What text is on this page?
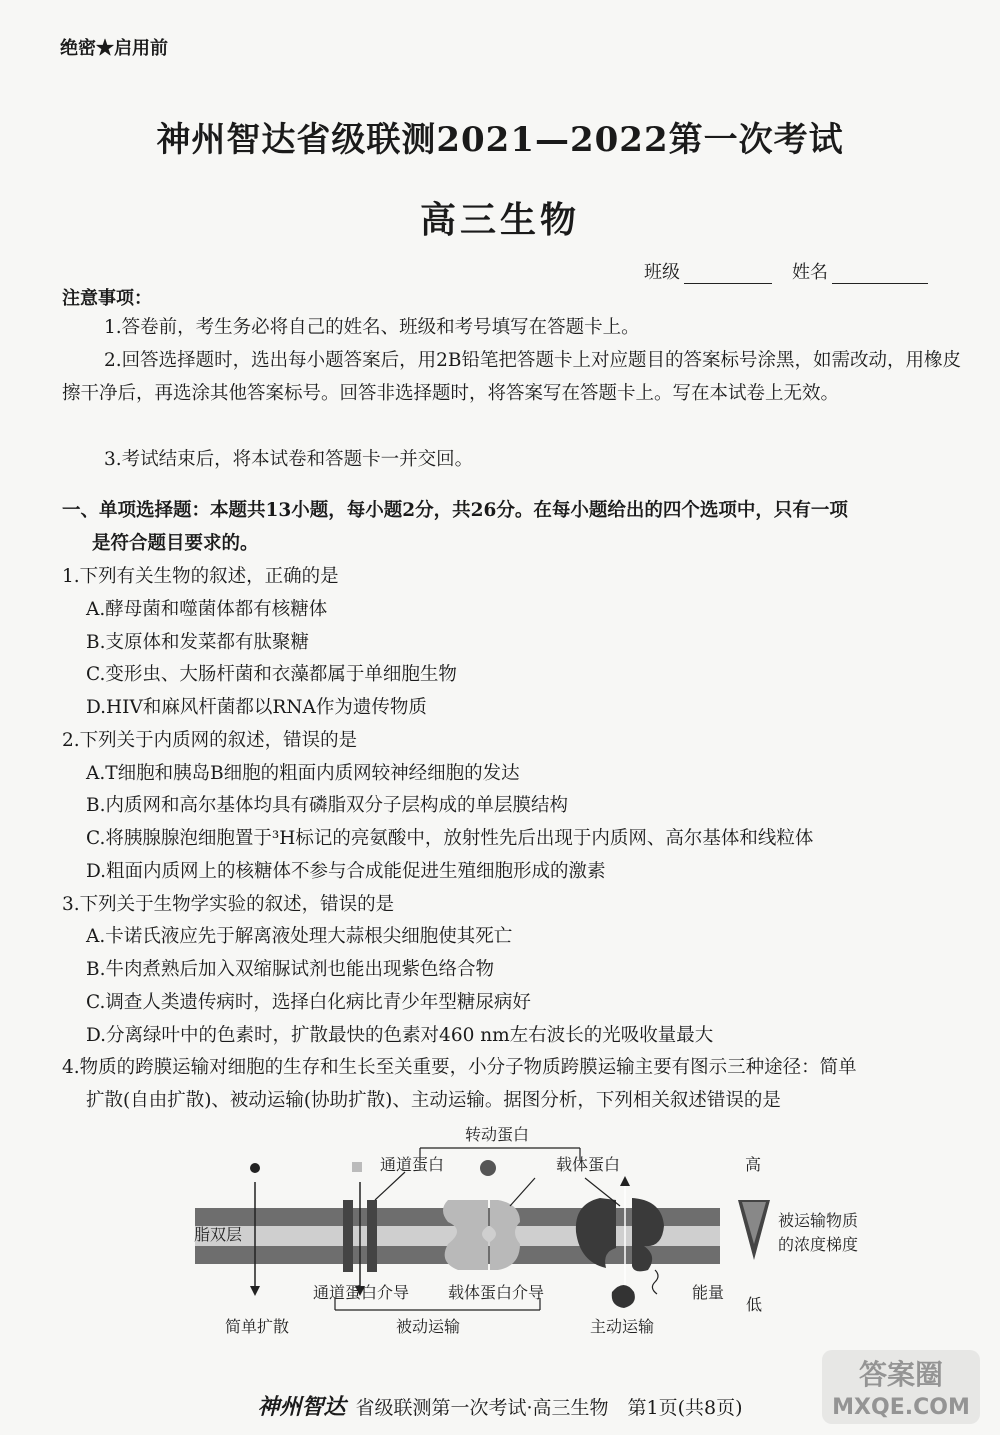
绝密★启用前
神州智达省级联测2021—2022第一次考试
高三生物
班级	姓名
注意事项：
1.答卷前，考生务必将自己的姓名、班级和考号填写在答题卡上。
2.回答选择题时，选出每小题答案后，用2B铅笔把答题卡上对应题目的答案标号涂黑，如需改动，用橡皮擦干净后，再选涂其他答案标号。回答非选择题时，将答案写在答题卡上。写在本试卷上无效。
3.考试结束后，将本试卷和答题卡一并交回。
一、单项选择题：本题共13小题，每小题2分，共26分。在每小题给出的四个选项中，只有一项
是符合题目要求的。
1.下列有关生物的叙述，正确的是
A.酵母菌和噬菌体都有核糖体
B.支原体和发菜都有肽聚糖
C.变形虫、大肠杆菌和衣藻都属于单细胞生物
D.HIV和麻风杆菌都以RNA作为遗传物质
2.下列关于内质网的叙述，错误的是
A.T细胞和胰岛B细胞的粗面内质网较神经细胞的发达
B.内质网和高尔基体均具有磷脂双分子层构成的单层膜结构
C.将胰腺腺泡细胞置于³H标记的亮氨酸中，放射性先后出现于内质网、高尔基体和线粒体
D.粗面内质网上的核糖体不参与合成能促进生殖细胞形成的激素
3.下列关于生物学实验的叙述，错误的是
A.卡诺氏液应先于解离液处理大蒜根尖细胞使其死亡
B.牛肉煮熟后加入双缩脲试剂也能出现紫色络合物
C.调查人类遗传病时，选择白化病比青少年型糖尿病好
D.分离绿叶中的色素时，扩散最快的色素对460 nm左右波长的光吸收量最大
4.物质的跨膜运输对细胞的生存和生长至关重要，小分子物质跨膜运输主要有图示三种途径：简单
扩散(自由扩散)、被动运输(协助扩散)、主动运输。据图分析，下列相关叙述错误的是
脂双层
转动蛋白
通道蛋白	载体蛋白	高
被运输物质
的浓度梯度
通道蛋白介导 载体蛋白介导	能量
低
简单扩散	被动运输	主动运输
神州智达 省级联测第一次考试·高三生物　第1页(共8页)
答案圈
MXQE.COM
